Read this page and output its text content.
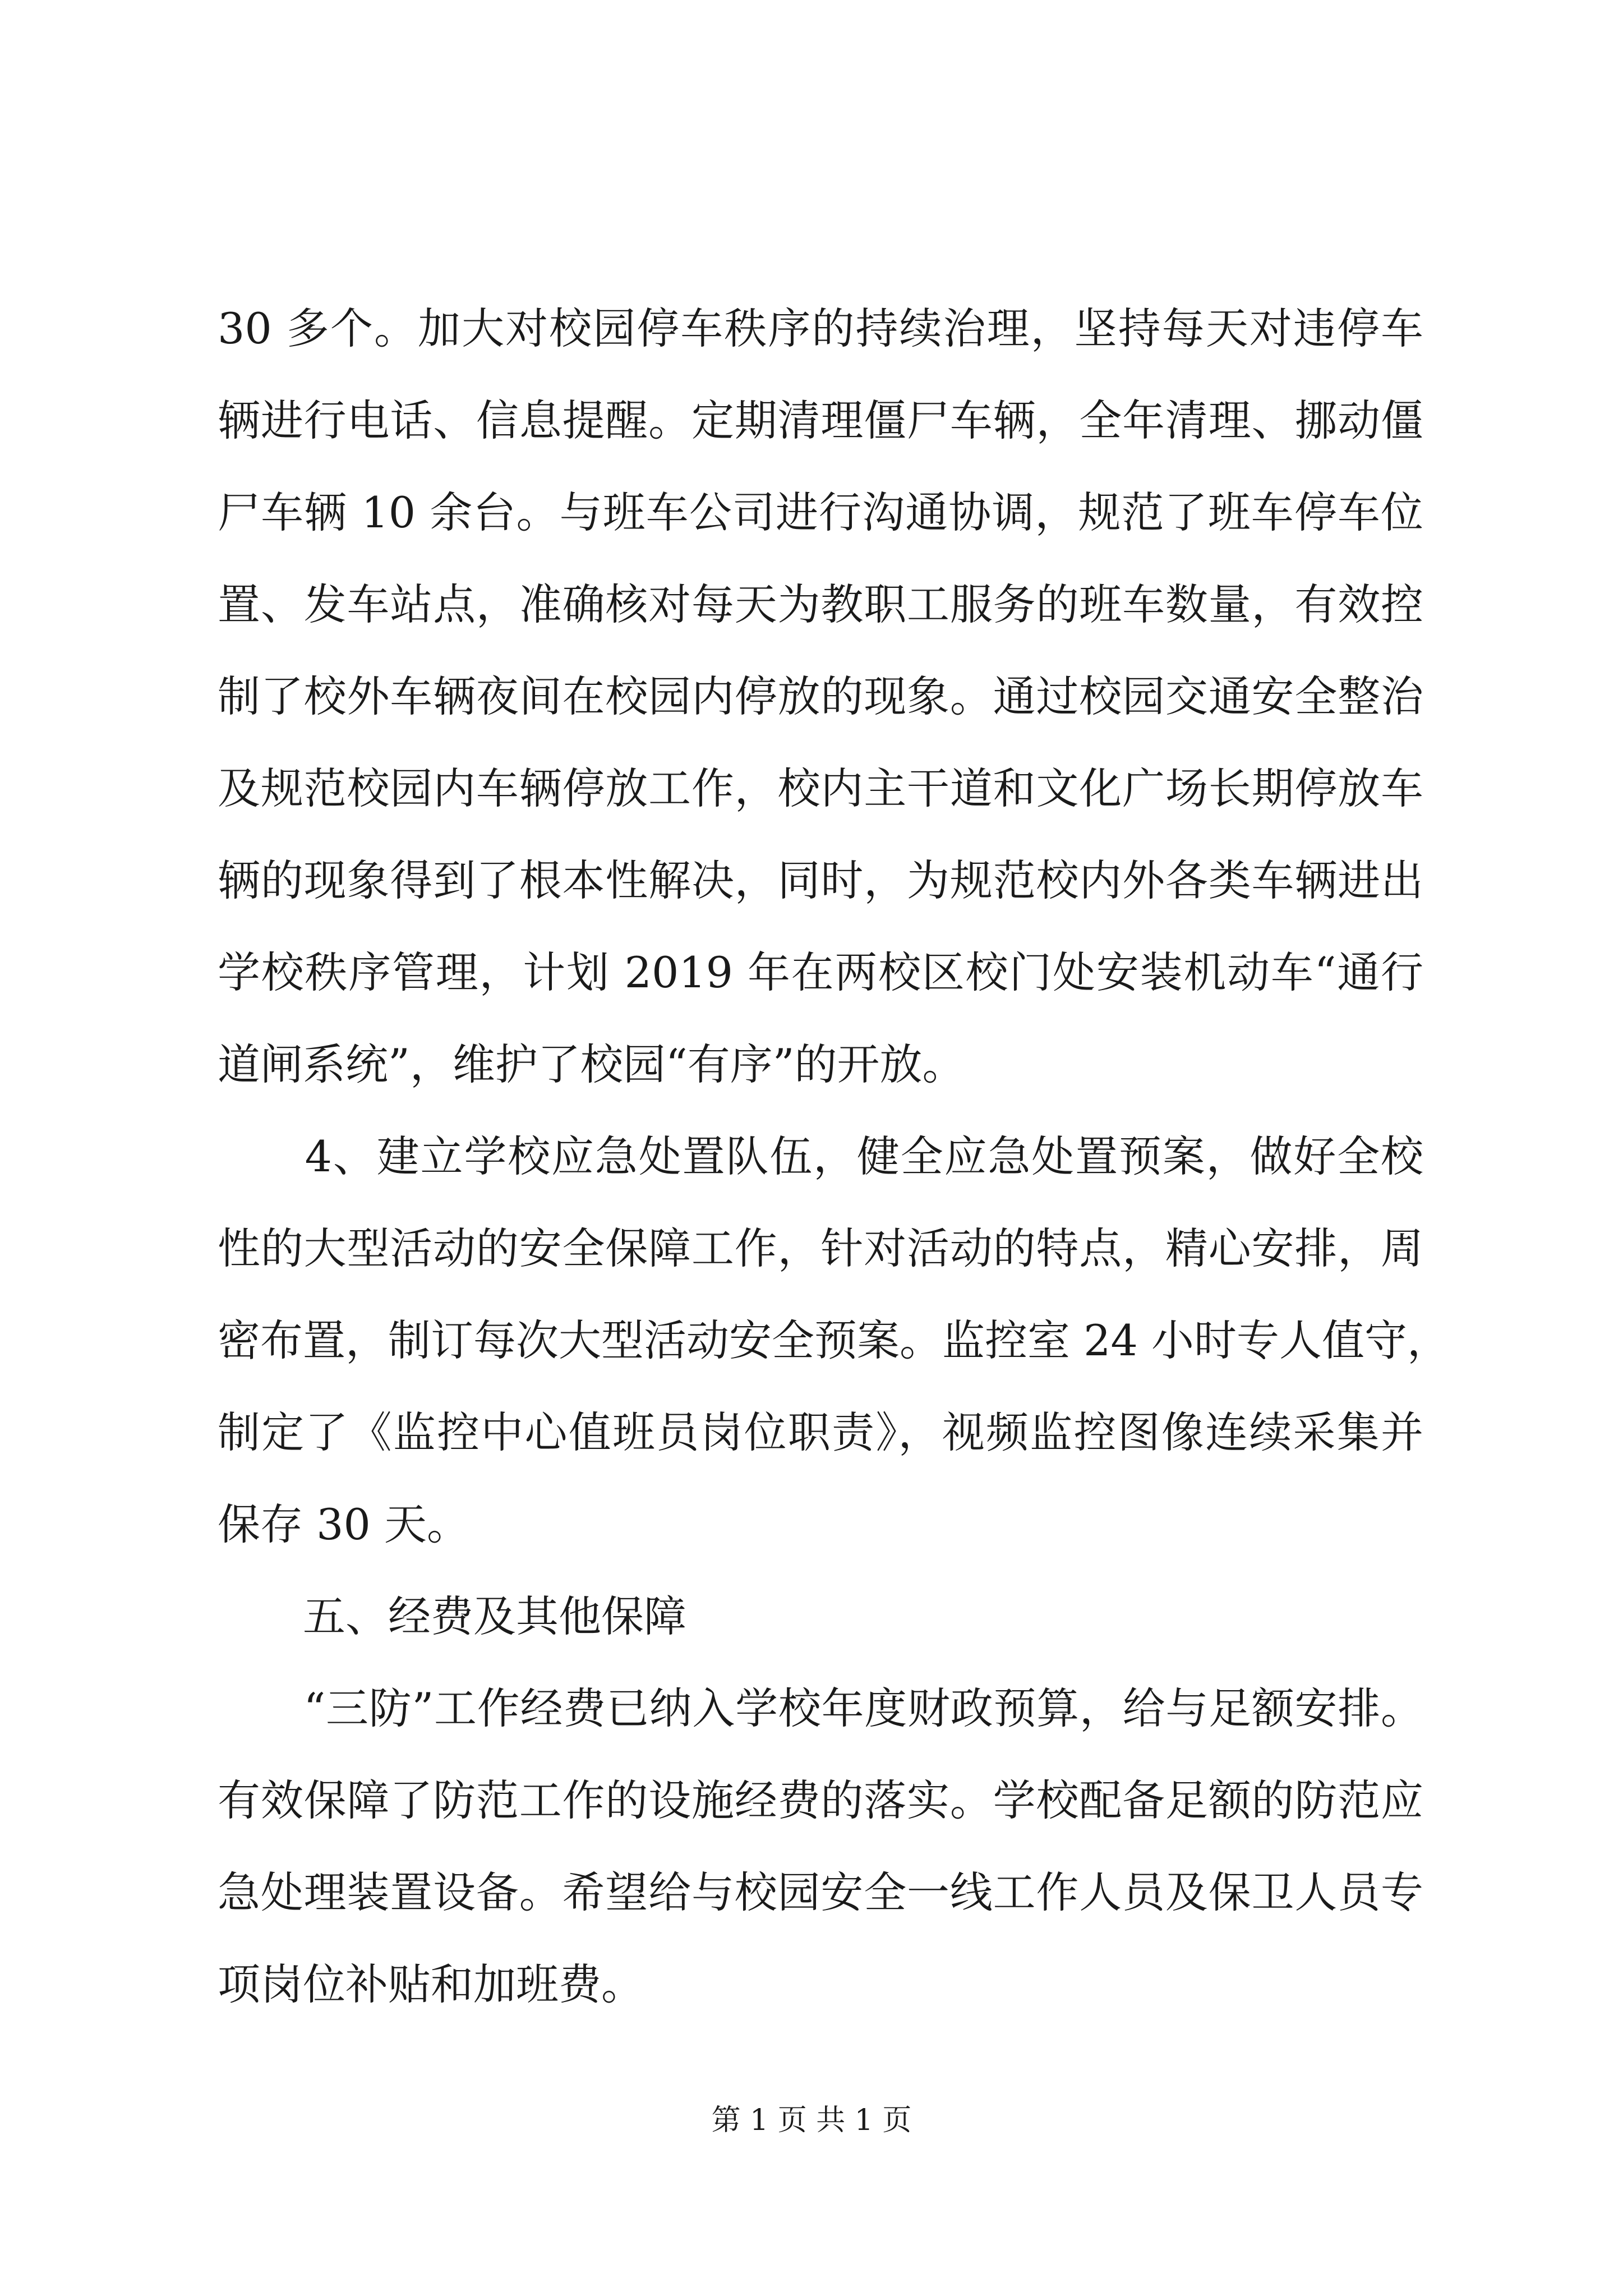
30 多个。加大对校园停车秩序的持续治理，坚持每天对违停车
辆进行电话、信息提醒。定期清理僵尸车辆，全年清理、挪动僵
尸车辆 10 余台。与班车公司进行沟通协调，规范了班车停车位
置、发车站点，准确核对每天为教职工服务的班车数量，有效控
制了校外车辆夜间在校园内停放的现象。通过校园交通安全整治
及规范校园内车辆停放工作，校内主干道和文化广场长期停放车
辆的现象得到了根本性解决，同时，为规范校内外各类车辆进出
学校秩序管理，计划 2019 年在两校区校门处安装机动车“通行
道闸系统”，维护了校园“有序”的开放。
　　4、建立学校应急处置队伍，健全应急处置预案，做好全校
性的大型活动的安全保障工作，针对活动的特点，精心安排，周
密布置，制订每次大型活动安全预案。监控室 24 小时专人值守，
制定了《监控中心值班员岗位职责》，视频监控图像连续采集并
保存 30 天。
　　五、经费及其他保障
　　“三防”工作经费已纳入学校年度财政预算，给与足额安排。
有效保障了防范工作的设施经费的落实。学校配备足额的防范应
急处理装置设备。希望给与校园安全一线工作人员及保卫人员专
项岗位补贴和加班费。
第 1 页 共 1 页
